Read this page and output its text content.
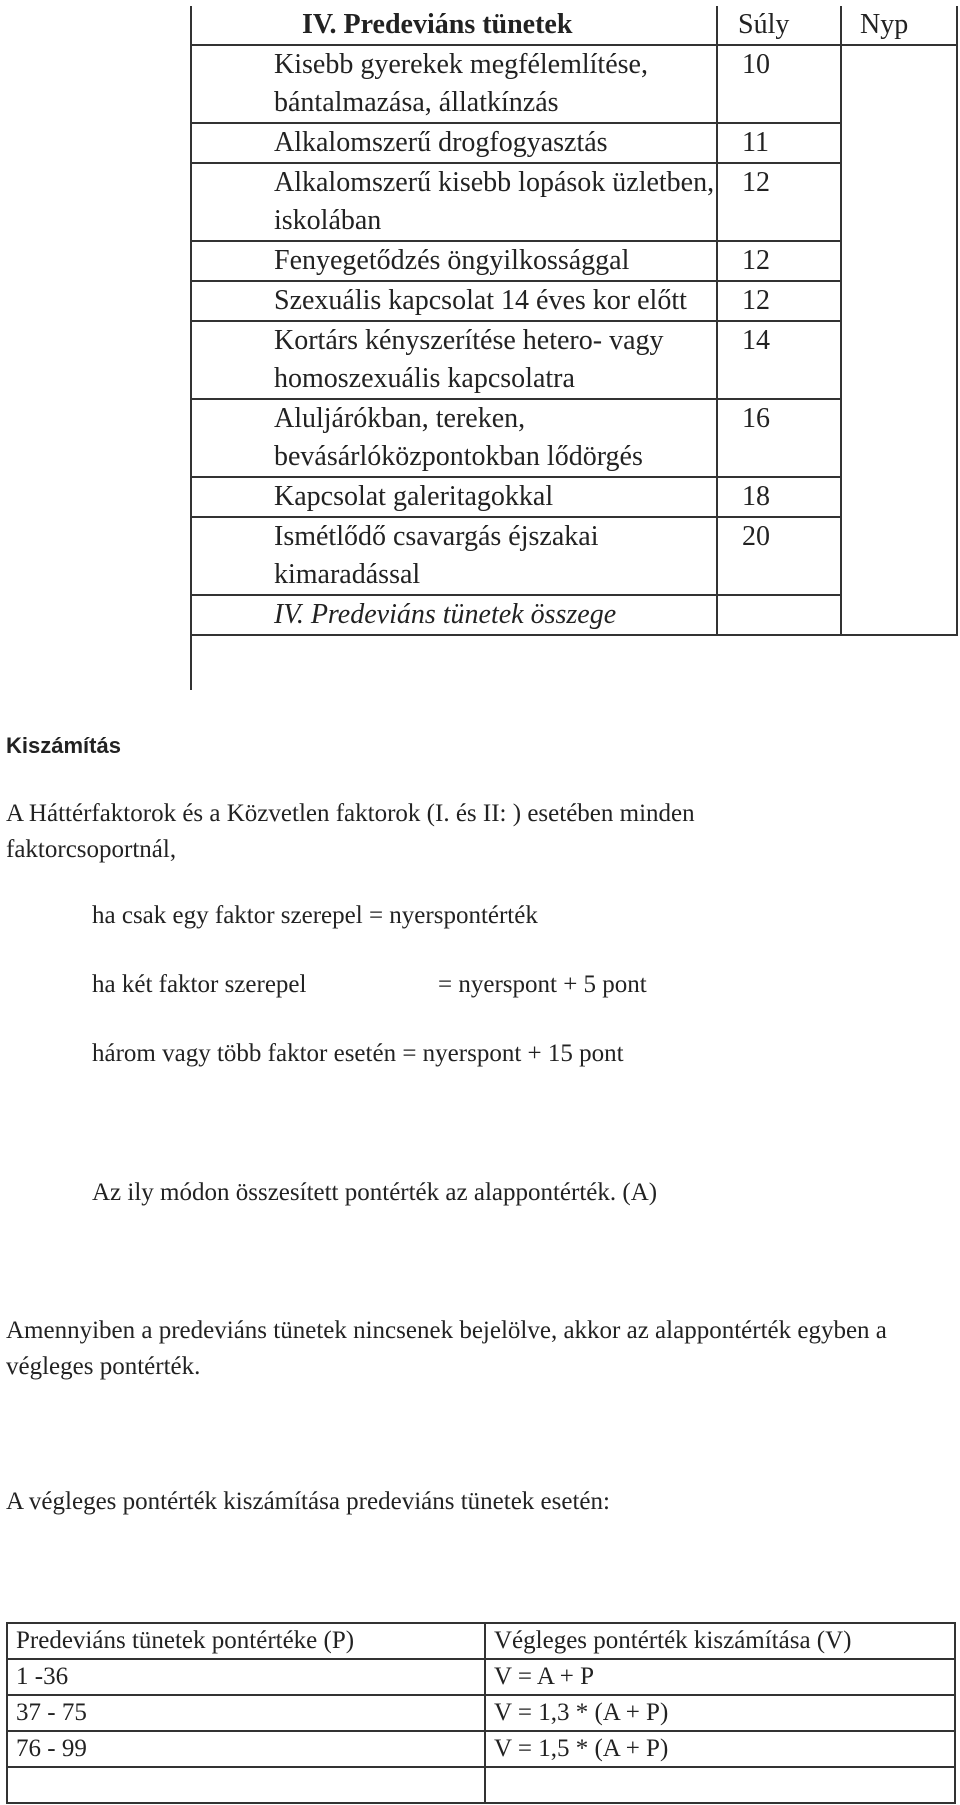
IV. Predeviáns tünetek	Súly	Nyp
Kisebb gyerekek megfélemlítése, bántalmazása, állatkínzás	10	
Alkalomszerű drogfogyasztás	11	
Alkalomszerű kisebb lopások üzletben, iskolában	12	
Fenyegetődzés öngyilkossággal	12	
Szexuális kapcsolat 14 éves kor előtt	12	
Kortárs kényszerítése hetero- vagy homoszexuális kapcsolatra	14	
Aluljárókban, tereken, bevásárlóközpontokban lődörgés	16	
Kapcsolat galeritagokkal	18	
Ismétlődő csavargás éjszakai kimaradással	20	
IV. Predeviáns tünetek összege		
Kiszámítás
A Háttérfaktorok és a Közvetlen faktorok (I. és II: ) esetében minden faktorcsoportnál,
ha csak egy faktor szerepel = nyerspontérték
ha két faktor szerepel	= nyerspont + 5 pont
három vagy több faktor esetén = nyerspont + 15 pont
Az ily módon összesített pontérték az alappontérték. (A)
Amennyiben a predeviáns tünetek nincsenek bejelölve, akkor az alappontérték egyben a végleges pontérték.
A végleges pontérték kiszámítása predeviáns tünetek esetén:
Predeviáns tünetek pontértéke (P)	Végleges pontérték kiszámítása (V)
1 -36	V = A + P
37 - 75	V = 1,3 * (A + P)
76 - 99	V = 1,5 * (A + P)
